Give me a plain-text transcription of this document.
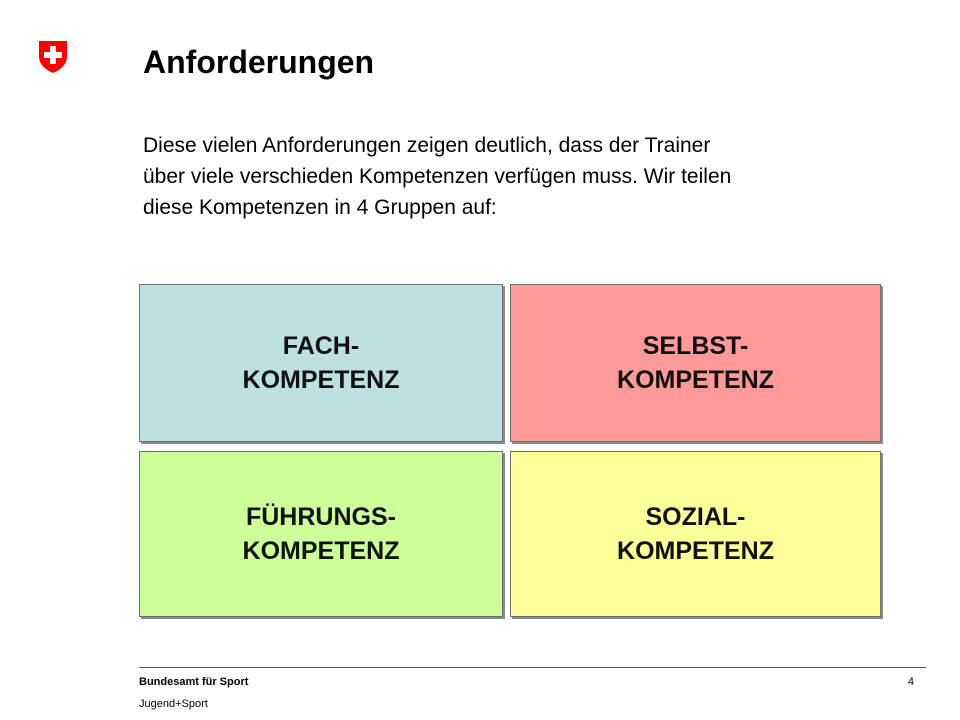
Anforderungen

Diese vielen Anforderungen zeigen deutlich, dass der Trainer
über viele verschieden Kompetenzen verfügen muss. Wir teilen
diese Kompetenzen in 4 Gruppen auf:

FACH-
KOMPETENZ
SELBST-
KOMPETENZ
FÜHRUNGS-
KOMPETENZ
SOZIAL-
KOMPETENZ
Bundesamt für Sport
Jugend+Sport
4
